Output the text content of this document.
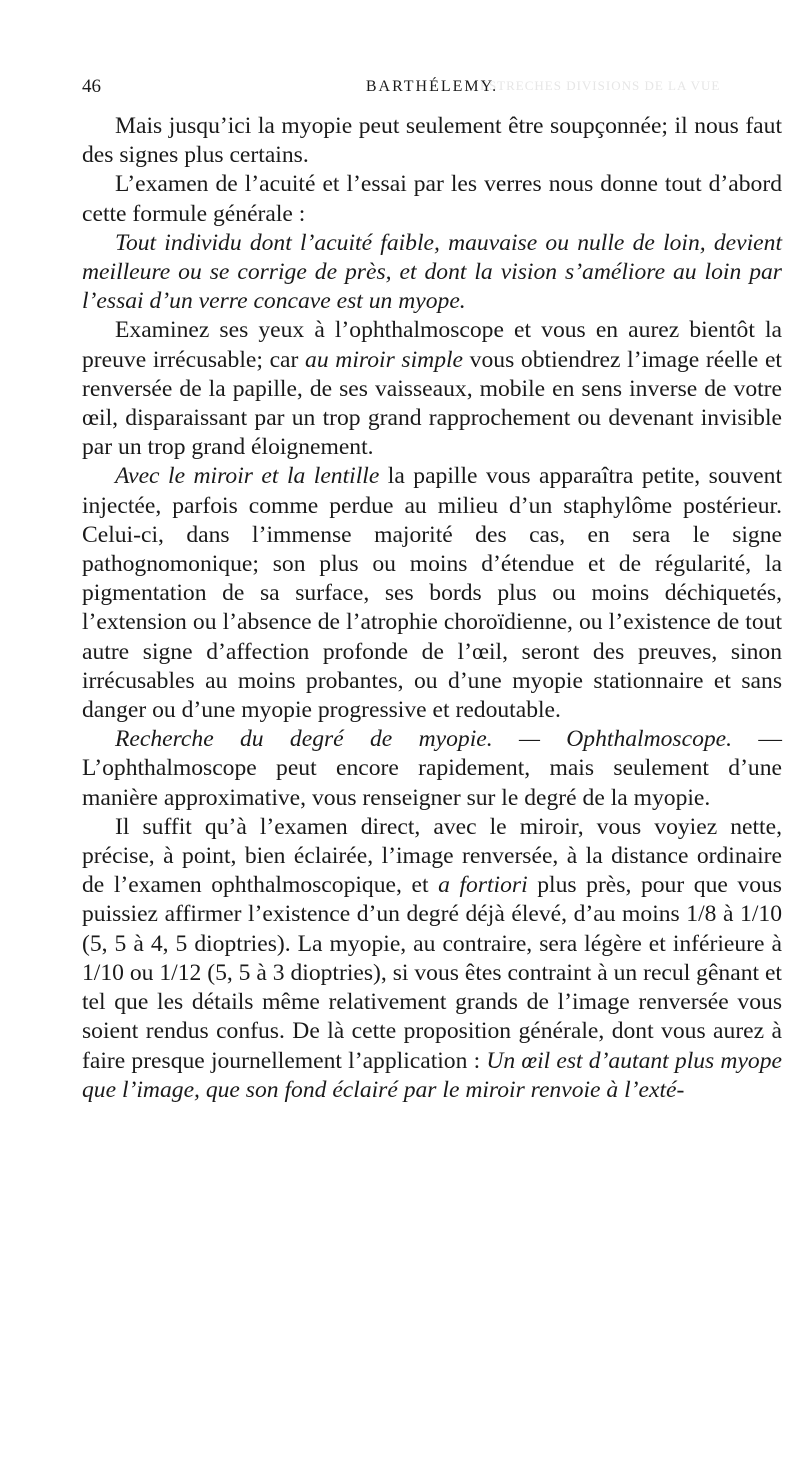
ESTRECHES DIVISIONS DE LA VUE
46	BARTHÉLEMY.

Mais jusqu’ici la myopie peut seulement être soupçonnée; il nous faut des signes plus certains.

L’examen de l’acuité et l’essai par les verres nous donne tout d’abord cette formule générale :

Tout individu dont l’acuité faible, mauvaise ou nulle de loin, devient meilleure ou se corrige de près, et dont la vision s’améliore au loin par l’essai d’un verre concave est un myope.

Examinez ses yeux à l’ophthalmoscope et vous en aurez bientôt la preuve irrécusable; car au miroir simple vous obtiendrez l’image réelle et renversée de la papille, de ses vaisseaux, mobile en sens inverse de votre œil, disparaissant par un trop grand rapprochement ou devenant invisible par un trop grand éloignement.

Avec le miroir et la lentille la papille vous apparaîtra petite, souvent injectée, parfois comme perdue au milieu d’un staphylôme postérieur. Celui-ci, dans l’immense majorité des cas, en sera le signe pathognomonique; son plus ou moins d’étendue et de régularité, la pigmentation de sa surface, ses bords plus ou moins déchiquetés, l’extension ou l’absence de l’atrophie choroïdienne, ou l’existence de tout autre signe d’affection profonde de l’œil, seront des preuves, sinon irrécusables au moins probantes, ou d’une myopie stationnaire et sans danger ou d’une myopie progressive et redoutable.

Recherche du degré de myopie. — Ophthalmoscope. — L’ophthalmoscope peut encore rapidement, mais seulement d’une manière approximative, vous renseigner sur le degré de la myopie.

Il suffit qu’à l’examen direct, avec le miroir, vous voyiez nette, précise, à point, bien éclairée, l’image renversée, à la distance ordinaire de l’examen ophthalmoscopique, et a fortiori plus près, pour que vous puissiez affirmer l’existence d’un degré déjà élevé, d’au moins 1/8 à 1/10 (5, 5 à 4, 5 dioptries). La myopie, au contraire, sera légère et inférieure à 1/10 ou 1/12 (5, 5 à 3 dioptries), si vous êtes contraint à un recul gênant et tel que les détails même relativement grands de l’image renversée vous soient rendus confus. De là cette proposition générale, dont vous aurez à faire presque journellement l’application : Un œil est d’autant plus myope que l’image, que son fond éclairé par le miroir renvoie à l’exté-
